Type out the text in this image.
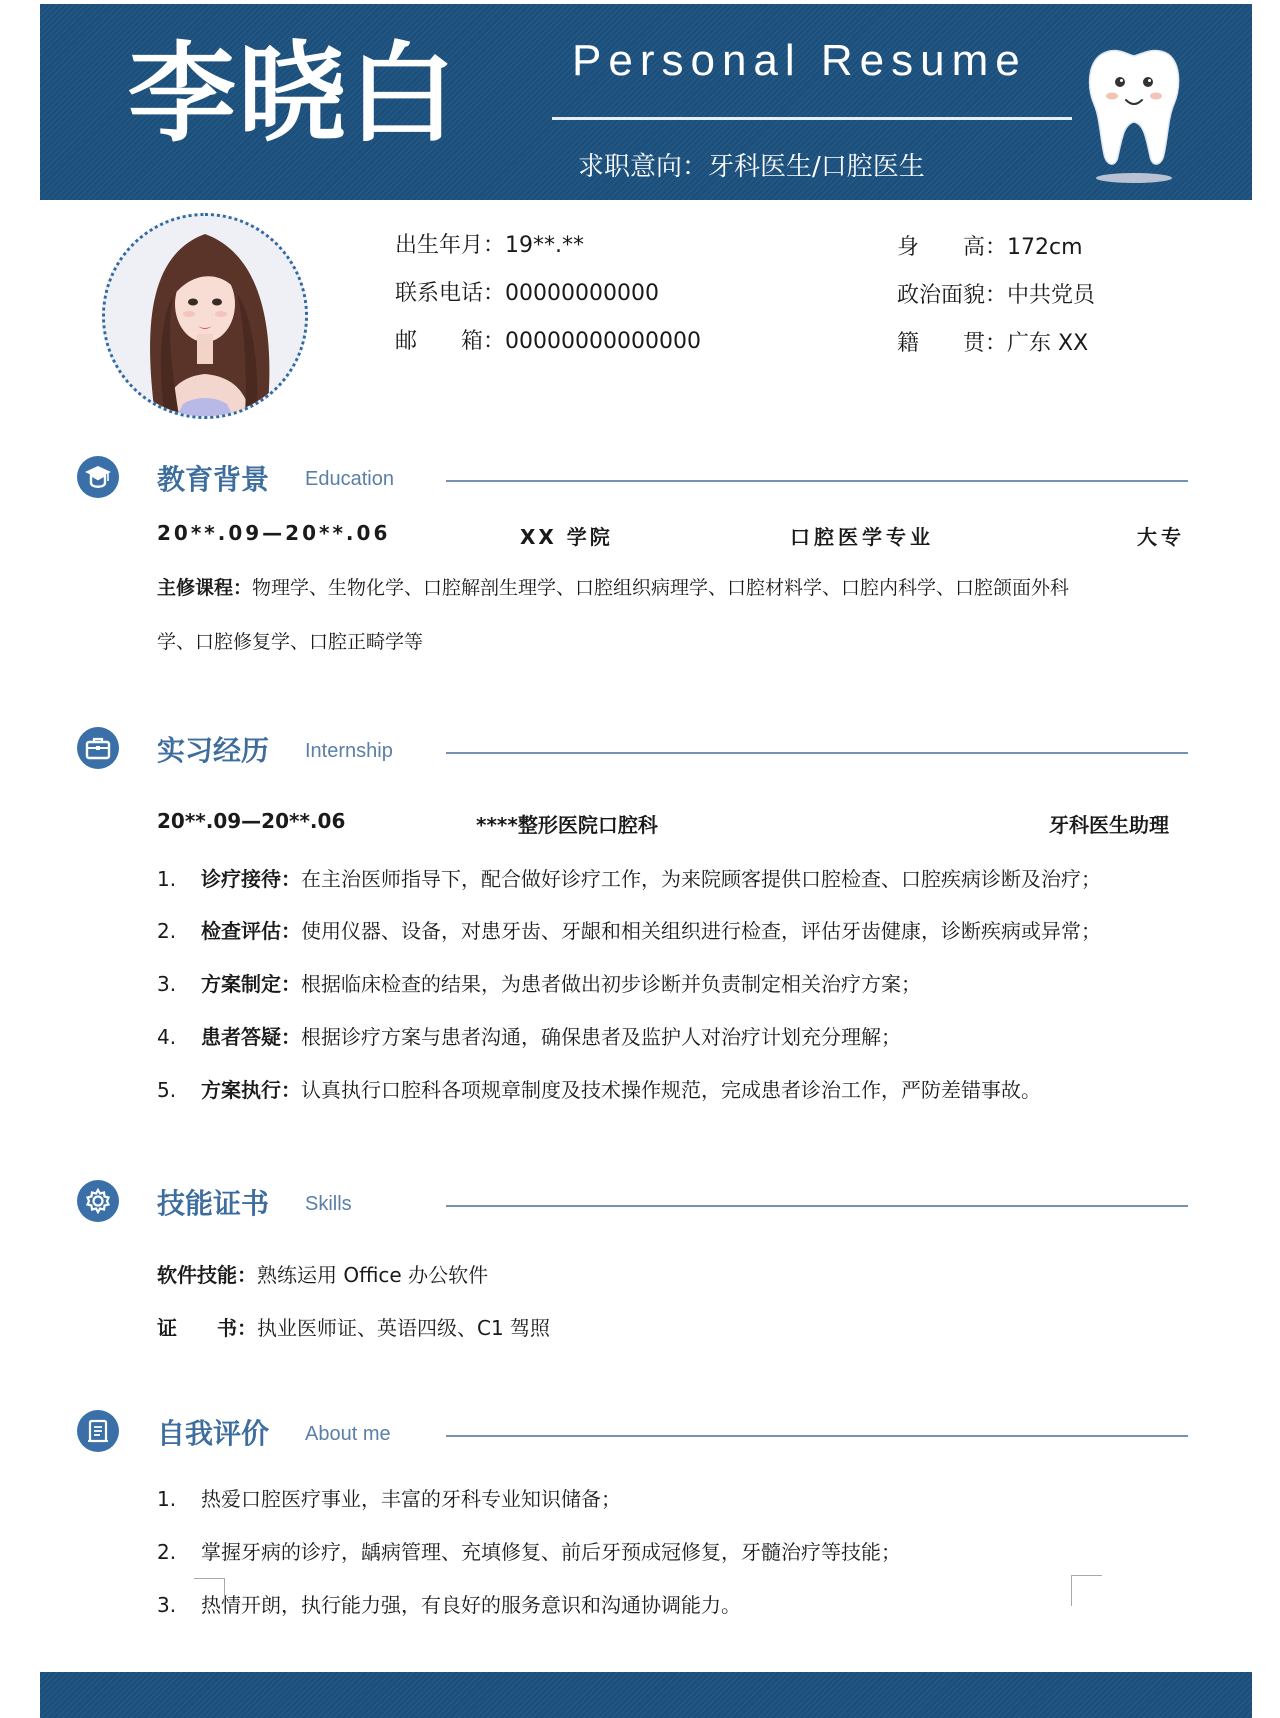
李晓白	Personal Resume
求职意向：牙科医生/口腔医生
出生年月：19**.**
联系电话：00000000000
邮　　箱：00000000000000
身　　高：172cm
政治面貌：中共党员
籍　　贯：广东 XX
教育背景 Education
20**.09—20**.06	XX 学院	口腔医学专业	大专
主修课程：物理学、生物化学、口腔解剖生理学、口腔组织病理学、口腔材料学、口腔内科学、口腔颌面外科
学、口腔修复学、口腔正畸学等
实习经历 Internship
20**.09—20**.06	****整形医院口腔科	牙科医生助理
1. 诊疗接待：在主治医师指导下，配合做好诊疗工作，为来院顾客提供口腔检查、口腔疾病诊断及治疗；
2. 检查评估：使用仪器、设备，对患牙齿、牙龈和相关组织进行检查，评估牙齿健康，诊断疾病或异常；
3. 方案制定：根据临床检查的结果，为患者做出初步诊断并负责制定相关治疗方案；
4. 患者答疑：根据诊疗方案与患者沟通，确保患者及监护人对治疗计划充分理解；
5. 方案执行：认真执行口腔科各项规章制度及技术操作规范，完成患者诊治工作，严防差错事故。
技能证书 Skills
软件技能：熟练运用 Office 办公软件
证　　书：执业医师证、英语四级、C1 驾照
自我评价 About me
1. 热爱口腔医疗事业，丰富的牙科专业知识储备；
2. 掌握牙病的诊疗，龋病管理、充填修复、前后牙预成冠修复，牙髓治疗等技能；
3. 热情开朗，执行能力强，有良好的服务意识和沟通协调能力。
